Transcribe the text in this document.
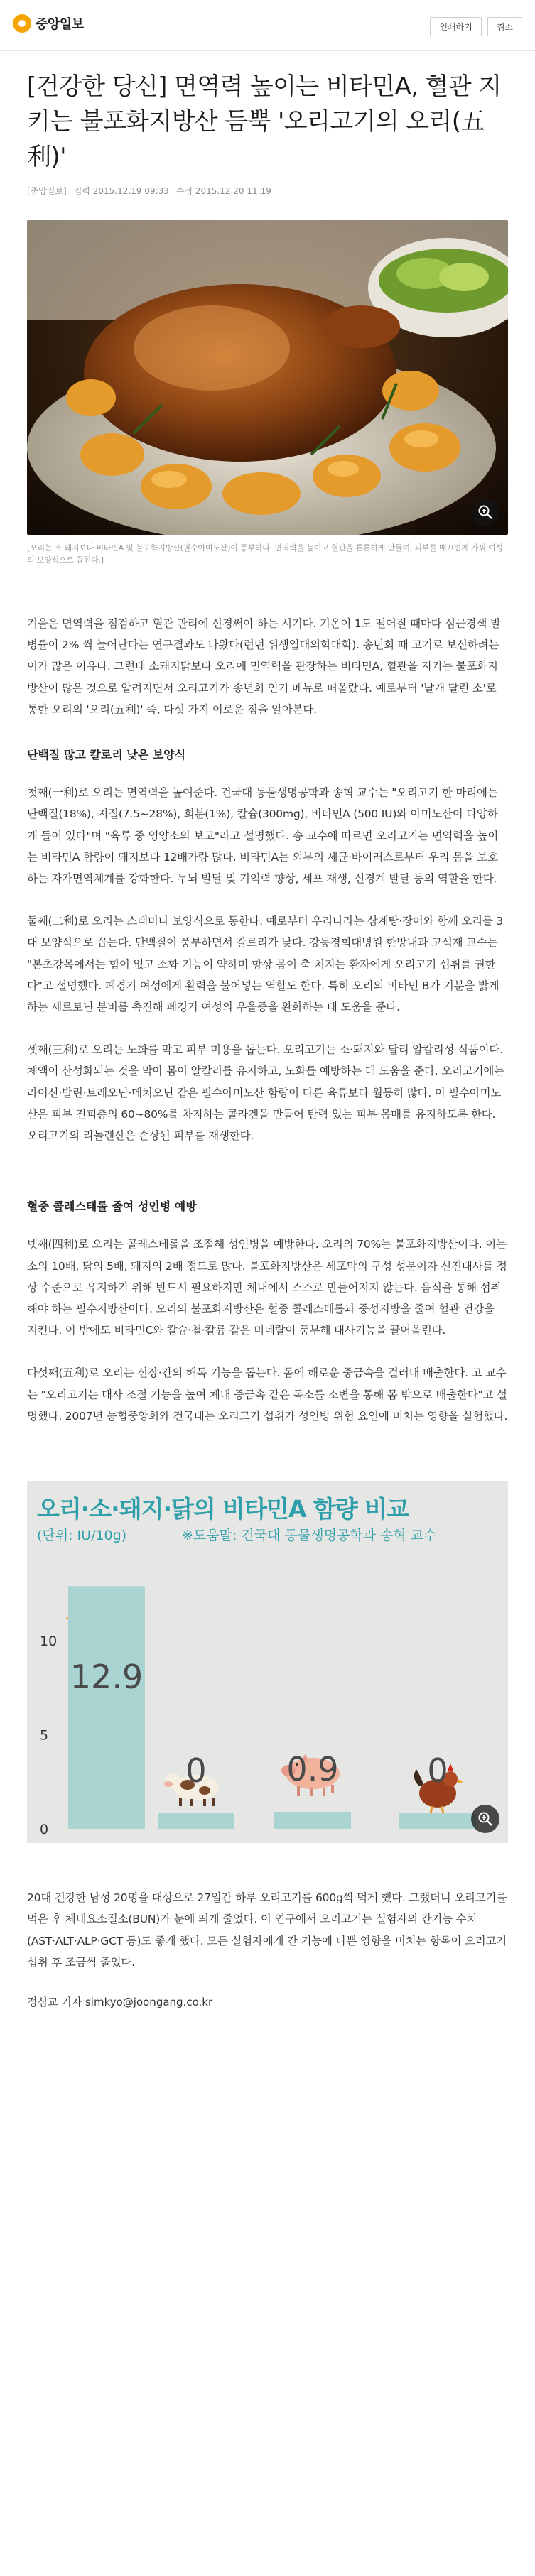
중앙일보	인쇄하기	취소
[건강한 당신] 면역력 높이는 비타민A, 혈관 지키는 불포화지방산 듬뿍 '오리고기의 오리(五利)'
[중앙일보] 입력 2015.12.19 09:33 수정 2015.12.20 11:19

[오리는 소·돼지보다 비타민A 및 불포화지방산(필수아미노산)이 풍부하다. 면역력을 높이고 혈관을 튼튼하게 만들며, 피부를 매끄럽게 가꿔 여성의 보양식으로 꼽힌다.]

겨울은 면역력을 점검하고 혈관 관리에 신경써야 하는 시기다. 기온이 1도 떨어질 때마다 심근경색 발병률이 2% 씩 늘어난다는 연구결과도 나왔다(런던 위생열대의학대학). 송년회 때 고기로 보신하려는 이가 많은 이유다. 그런데 소돼지닭보다 오리에 면역력을 관장하는 비타민A, 혈관을 지키는 불포화지방산이 많은 것으로 알려지면서 오리고기가 송년회 인기 메뉴로 떠올랐다. 예로부터 '날개 달린 소'로 통한 오리의 '오리(五利)' 즉, 다섯 가지 이로운 점을 알아본다.

단백질 많고 칼로리 낮은 보양식

첫째(一利)로 오리는 면역력을 높여준다. 건국대 동물생명공학과 송혁 교수는 "오리고기 한 마리에는 단백질(18%), 지질(7.5~28%), 회분(1%), 칼슘(300mg), 비타민A (500 IU)와 아미노산이 다양하게 들어 있다"며 "육류 중 영양소의 보고"라고 설명했다. 송 교수에 따르면 오리고기는 면역력을 높이는 비타민A 함량이 돼지보다 12배가량 많다. 비타민A는 외부의 세균·바이러스로부터 우리 몸을 보호하는 자가면역체계를 강화한다. 두뇌 발달 및 기억력 향상, 세포 재생, 신경계 발달 등의 역할을 한다.

둘째(二利)로 오리는 스태미나 보양식으로 통한다. 예로부터 우리나라는 삼계탕·장어와 함께 오리를 3대 보양식으로 꼽는다. 단백질이 풍부하면서 칼로리가 낮다. 강동경희대병원 한방내과 고석재 교수는 "본초강목에서는 힘이 없고 소화 기능이 약하며 항상 몸이 축 처지는 환자에게 오리고기 섭취를 권한다"고 설명했다. 폐경기 여성에게 활력을 불어넣는 역할도 한다. 특히 오리의 비타민 B가 기분을 밝게 하는 세로토닌 분비를 촉진해 폐경기 여성의 우울증을 완화하는 데 도움을 준다.

셋째(三利)로 오리는 노화를 막고 피부 미용을 돕는다. 오리고기는 소·돼지와 달리 알칼리성 식품이다. 체액이 산성화되는 것을 막아 몸이 알칼리를 유지하고, 노화를 예방하는 데 도움을 준다. 오리고기에는 라이신·발린·트레오닌·메치오닌 같은 필수아미노산 함량이 다른 육류보다 월등히 많다. 이 필수아미노산은 피부 진피층의 60~80%를 차지하는 콜라겐을 만들어 탄력 있는 피부·몸매를 유지하도록 한다. 오리고기의 리놀렌산은 손상된 피부를 재생한다.

혈중 콜레스테롤 줄여 성인병 예방

넷째(四利)로 오리는 콜레스테롤을 조절해 성인병을 예방한다. 오리의 70%는 불포화지방산이다. 이는 소의 10배, 닭의 5배, 돼지의 2배 정도로 많다. 불포화지방산은 세포막의 구성 성분이자 신진대사를 정상 수준으로 유지하기 위해 반드시 필요하지만 체내에서 스스로 만들어지지 않는다. 음식을 통해 섭취해야 하는 필수지방산이다. 오리의 불포화지방산은 혈중 콜레스테롤과 중성지방을 줄여 혈관 건강을 지킨다. 이 밖에도 비타민C와 칼슘·철·칼륨 같은 미네랄이 풍부해 대사기능을 끌어올린다.

다섯째(五利)로 오리는 신장·간의 해독 기능을 돕는다. 몸에 해로운 중금속을 걸러내 배출한다. 고 교수는 "오리고기는 대사 조절 기능을 높여 체내 중금속 같은 독소를 소변을 통해 몸 밖으로 배출한다"고 설명했다. 2007년 농협중앙회와 건국대는 오리고기 섭취가 성인병 위험 요인에 미치는 영향을 실험했다.

오리·소·돼지·닭의 비타민A 함량 비교
(단위: IU/10g)	※도움말: 건국대 동물생명공학과 송혁 교수
0
5
10
12.9
0 0.9	0

20대 건강한 남성 20명을 대상으로 27일간 하루 오리고기를 600g씩 먹게 했다. 그랬더니 오리고기를 먹은 후 체내요소질소(BUN)가 눈에 띄게 줄었다. 이 연구에서 오리고기는 실험자의 간기능 수치(AST·ALT·ALP·GCT 등)도 좋게 했다. 모든 실험자에게 간 기능에 나쁜 영향을 미치는 항목이 오리고기 섭취 후 조금씩 줄었다.

정심교 기자 simkyo@joongang.co.kr
